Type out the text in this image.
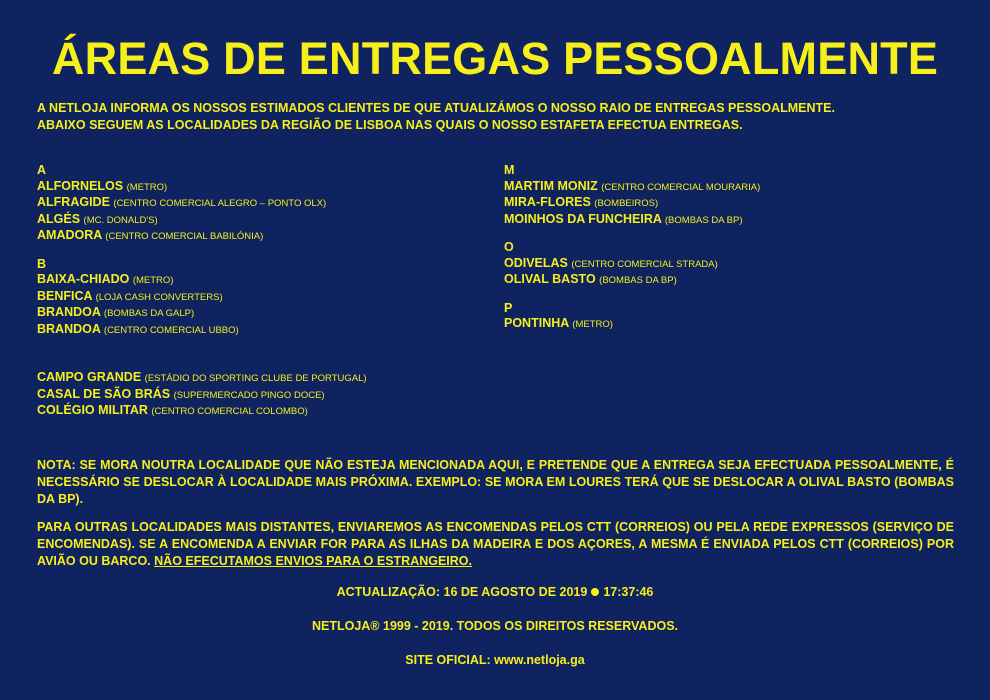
ÁREAS DE ENTREGAS PESSOALMENTE
A NETLOJA INFORMA OS NOSSOS ESTIMADOS CLIENTES DE QUE ATUALIZÁMOS O NOSSO RAIO DE ENTREGAS PESSOALMENTE.
ABAIXO SEGUEM AS LOCALIDADES DA REGIÃO DE LISBOA NAS QUAIS O NOSSO ESTAFETA EFECTUA ENTREGAS.
A
ALFORNELOS (METRO)
ALFRAGIDE (CENTRO COMERCIAL ALEGRO – PONTO OLX)
ALGÉS (MC. DONALD'S)
AMADORA (CENTRO COMERCIAL BABILÓNIA)
B
BAIXA-CHIADO (METRO)
BENFICA (LOJA CASH CONVERTERS)
BRANDOA (BOMBAS DA GALP)
BRANDOA (CENTRO COMERCIAL UBBO)
CAMPO GRANDE (ESTÁDIO DO SPORTING CLUBE DE PORTUGAL)
CASAL DE SÃO BRÁS (SUPERMERCADO PINGO DOCE)
COLÉGIO MILITAR (CENTRO COMERCIAL COLOMBO)
M
MARTIM MONIZ (CENTRO COMERCIAL MOURARIA)
MIRA-FLORES (BOMBEIROS)
MOINHOS DA FUNCHEIRA (BOMBAS DA BP)
O
ODIVELAS (CENTRO COMERCIAL STRADA)
OLIVAL BASTO (BOMBAS DA BP)
P
PONTINHA (METRO)
NOTA: SE MORA NOUTRA LOCALIDADE QUE NÃO ESTEJA MENCIONADA AQUI, E PRETENDE QUE A ENTREGA SEJA EFECTUADA PESSOALMENTE, É NECESSÁRIO SE DESLOCAR À LOCALIDADE MAIS PRÓXIMA. EXEMPLO: SE MORA EM LOURES TERÁ QUE SE DESLOCAR A OLIVAL BASTO (BOMBAS DA BP).
PARA OUTRAS LOCALIDADES MAIS DISTANTES, ENVIAREMOS AS ENCOMENDAS PELOS CTT (CORREIOS) OU PELA REDE EXPRESSOS (SERVIÇO DE ENCOMENDAS). SE A ENCOMENDA A ENVIAR FOR PARA AS ILHAS DA MADEIRA E DOS AÇORES, A MESMA É ENVIADA PELOS CTT (CORREIOS) POR AVIÃO OU BARCO. NÃO EFECUTAMOS ENVIOS PARA O ESTRANGEIRO.
ACTUALIZAÇÃO: 16 DE AGOSTO DE 2019 17:37:46
NETLOJA® 1999 - 2019. TODOS OS DIREITOS RESERVADOS.
SITE OFICIAL: www.netloja.ga
